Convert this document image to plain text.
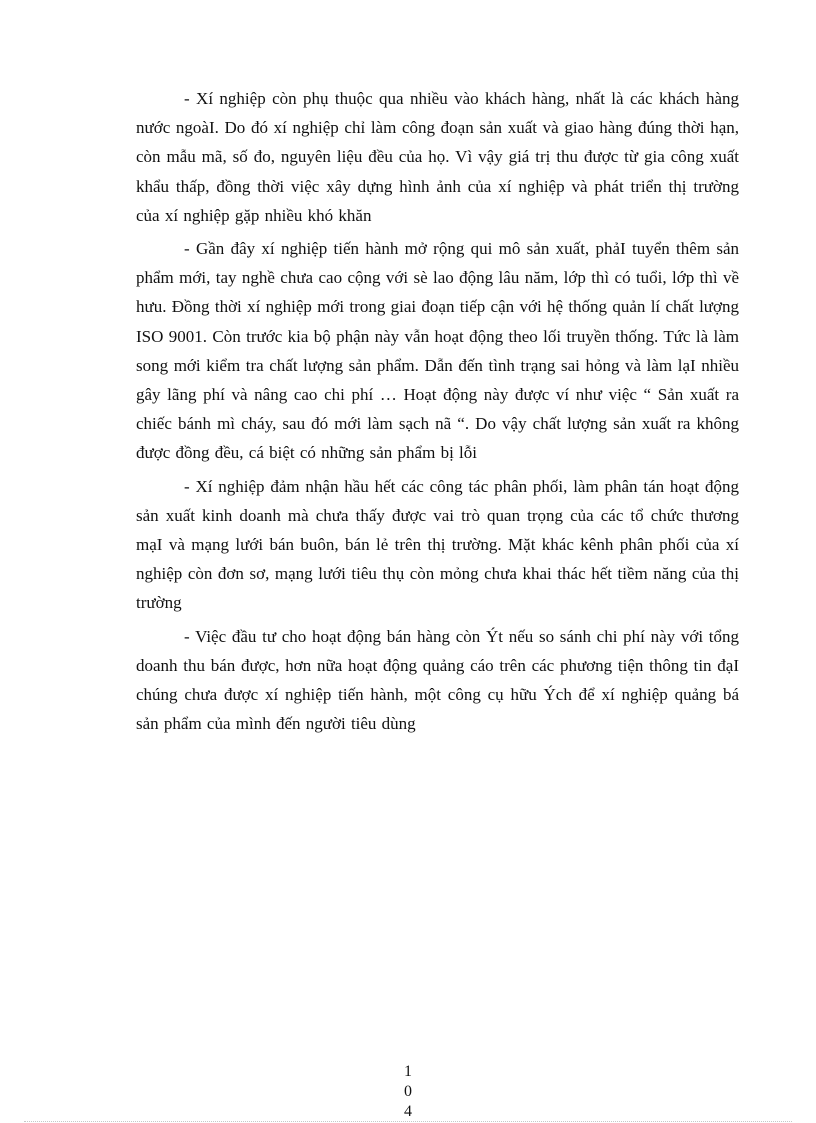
- Xí nghiệp còn phụ thuộc qua nhiều vào khách hàng, nhất là các khách hàng nước ngoàI. Do đó xí nghiệp chỉ làm công đoạn sản xuất và giao hàng đúng thời hạn, còn mẫu mã, số đo, nguyên liệu đều của họ. Vì vậy giá trị thu được từ gia công xuất khẩu thấp, đồng thời việc xây dựng hình ảnh của xí nghiệp và phát triển thị trường của xí nghiệp gặp nhiều khó khăn

- Gần đây xí nghiệp tiến hành mở rộng qui mô sản xuất, phảI tuyển thêm sản phẩm mới, tay nghề chưa cao cộng với sè lao động lâu năm, lớp thì có tuổi, lớp thì về hưu. Đồng thời xí nghiệp mới trong giai đoạn tiếp cận với hệ thống quản lí chất lượng ISO 9001. Còn trước kia bộ phận này vẫn hoạt động theo lối truyền thống. Tức là làm song mới kiểm tra chất lượng sản phẩm. Dẫn đến tình trạng sai hỏng và làm lạI nhiều gây lãng phí và nâng cao chi phí … Hoạt động này được ví như việc “ Sản xuất ra chiếc bánh mì cháy, sau đó mới làm sạch nã “. Do vậy chất lượng sản xuất ra không được đồng đều, cá biệt có những sản phẩm bị lỗi

- Xí nghiệp đảm nhận hầu hết các công tác phân phối, làm phân tán hoạt động sản xuất kinh doanh mà chưa thấy được vai trò quan trọng của các tổ chức thương mạI và mạng lưới bán buôn, bán lẻ trên thị trường. Mặt khác kênh phân phối của xí nghiệp còn đơn sơ, mạng lưới tiêu thụ còn mỏng chưa khai thác hết tiềm năng của thị trường

- Việc đầu tư cho hoạt động bán hàng còn Ýt nếu so sánh chi phí này với tổng doanh thu bán được, hơn nữa hoạt động quảng cáo trên các phương tiện thông tin đạI chúng chưa được xí nghiệp tiến hành, một công cụ hữu Ých để xí nghiệp quảng bá sản phẩm của mình đến người tiêu dùng

1
0
4
